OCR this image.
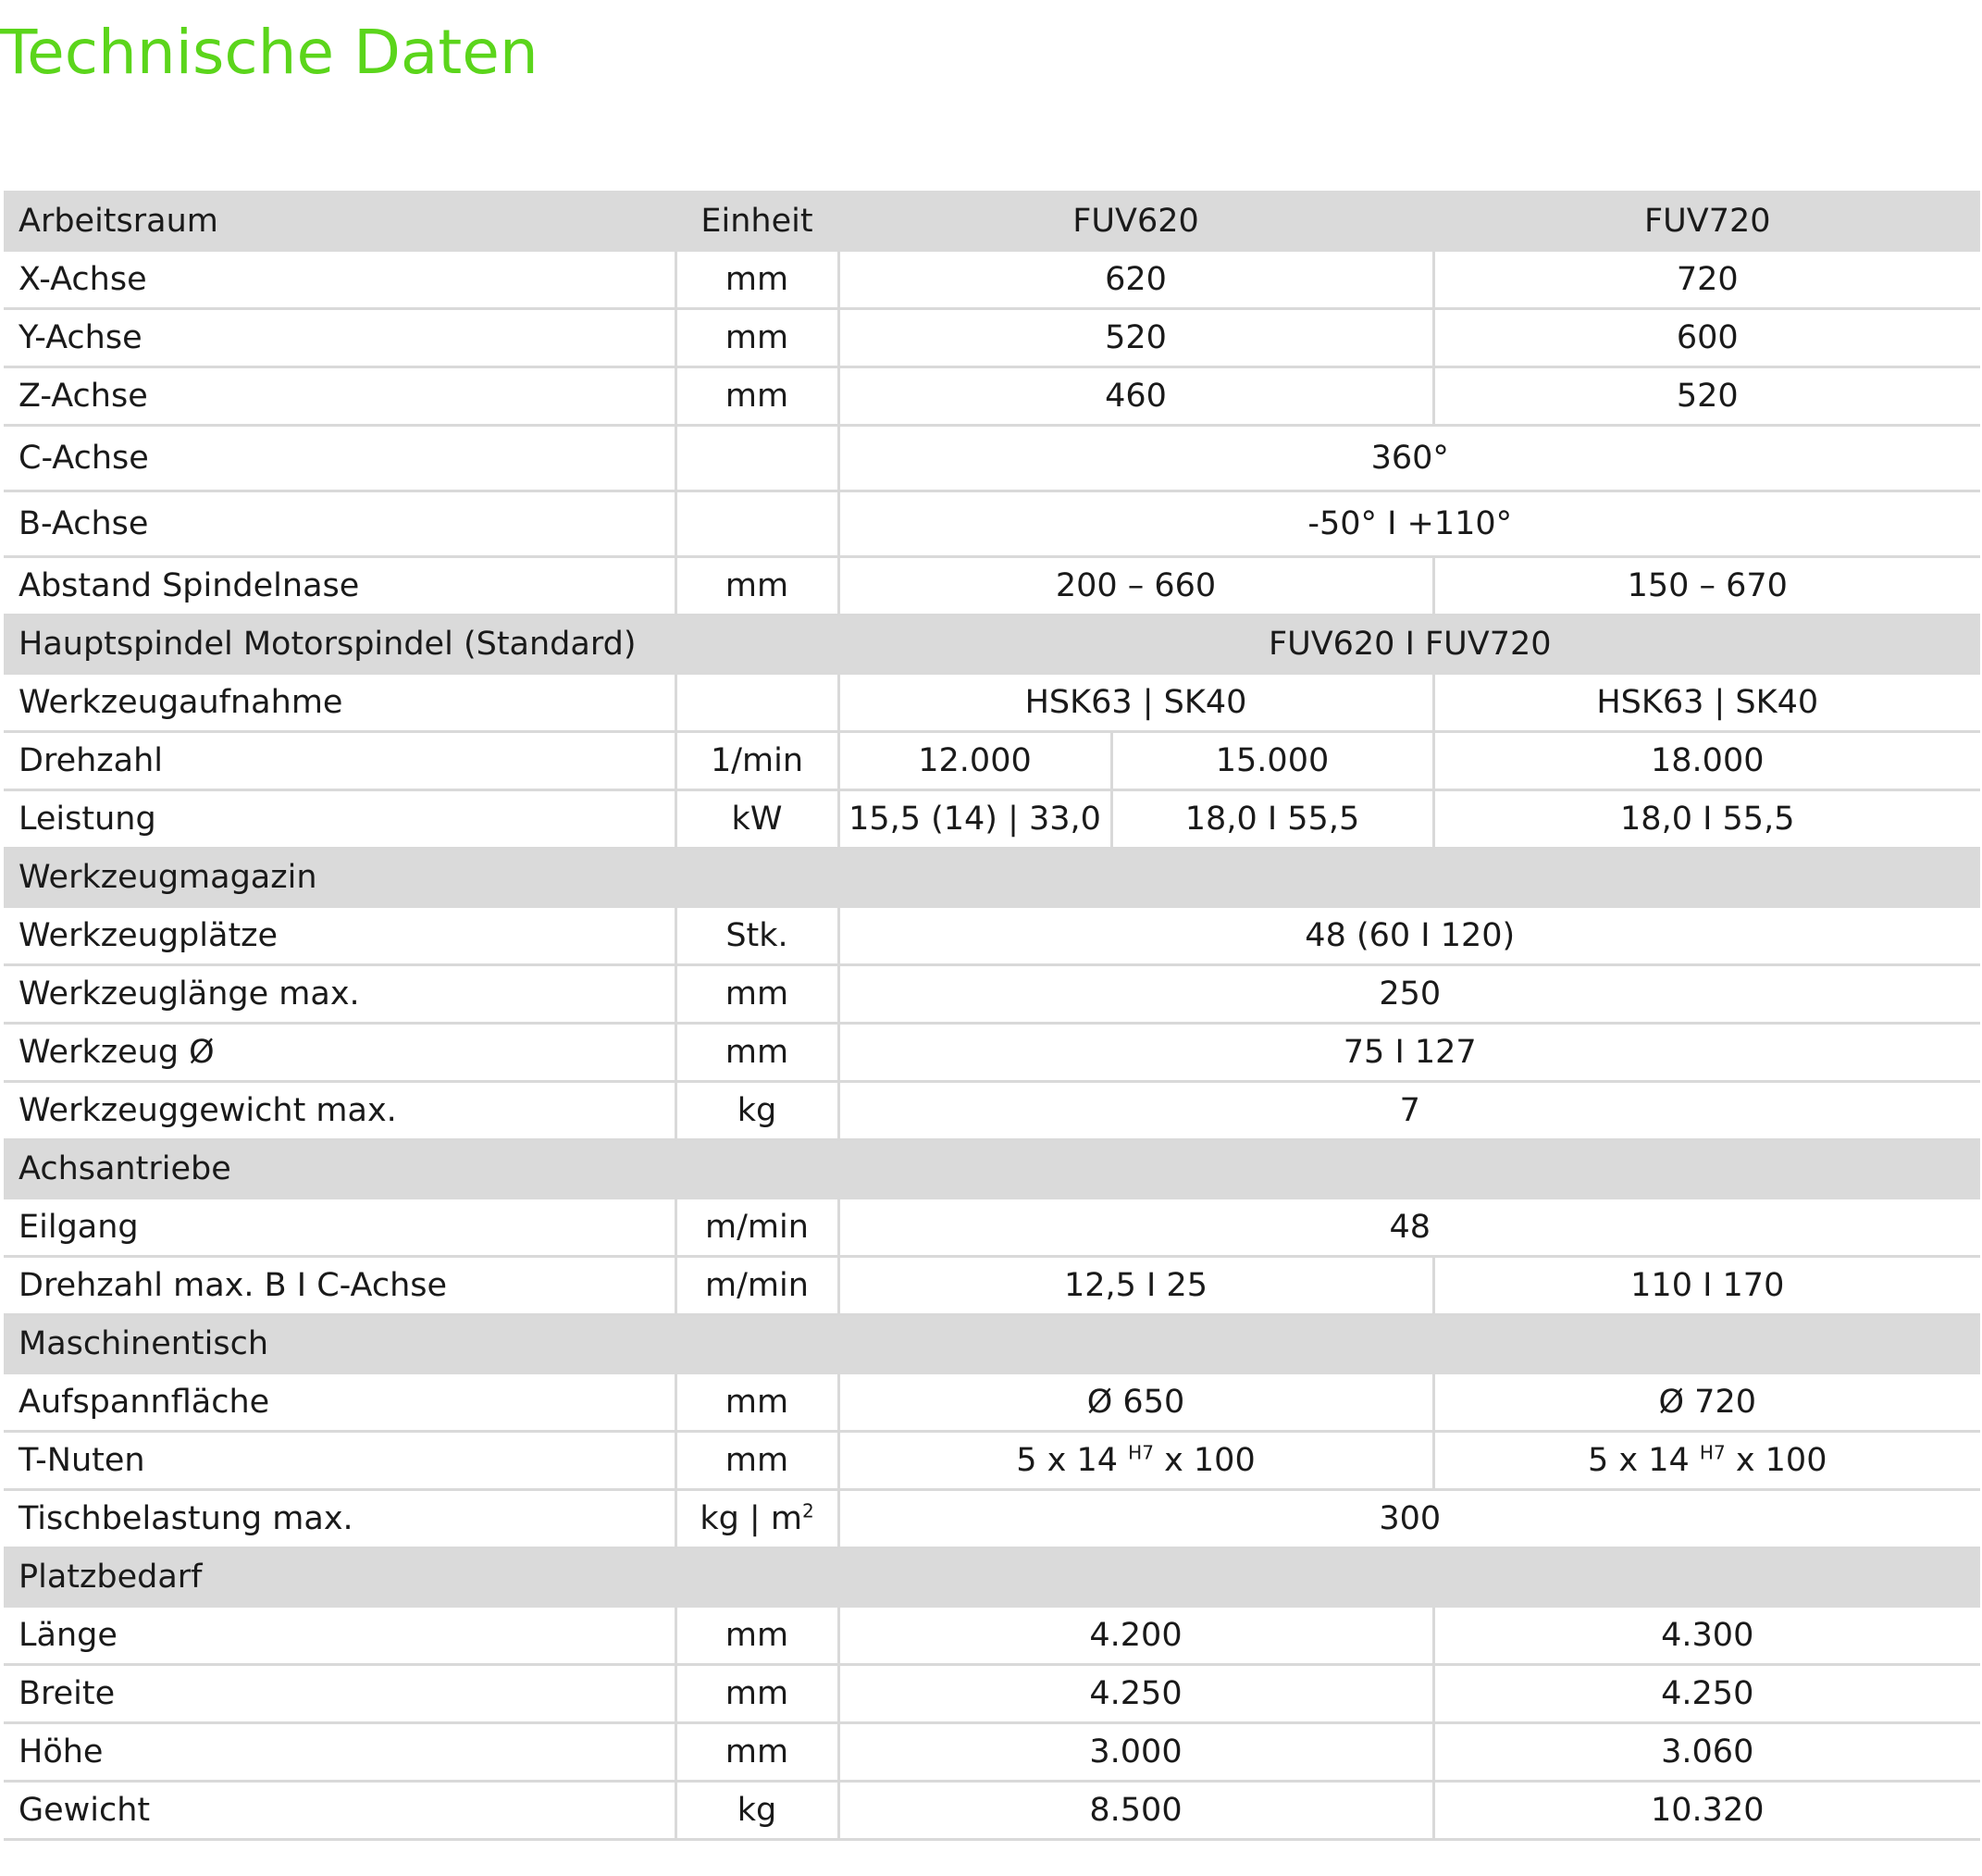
Technische Daten
Arbeitsraum	Einheit	FUV620		FUV720
X-Achse	mm	620		720
Y-Achse	mm	520		600
Z-Achse	mm	460		520
C-Achse		360°		
B-Achse		-50° I +110°		
Abstand Spindelnase	mm	200 – 660		150 – 670
Hauptspindel Motorspindel (Standard)		FUV620 I FUV720		
Werkzeugaufnahme		HSK63 | SK40		HSK63 | SK40
Drehzahl	1/min	12.000	15.000	18.000
Leistung	kW	15,5 (14) | 33,0	18,0 I 55,5	18,0 I 55,5
Werkzeugmagazin				
Werkzeugplätze	Stk.	48 (60 I 120)		
Werkzeuglänge max.	mm	250		
Werkzeug Ø	mm	75 I 127		
Werkzeuggewicht max.	kg	7		
Achsantriebe				
Eilgang	m/min	48		
Drehzahl max. B I C-Achse	m/min	12,5 I 25		110 I 170
Maschinentisch				
Aufspannfläche	mm	Ø 650		Ø 720
T-Nuten	mm	5 x 14 $^{H7}$ x 100		5 x 14 $^{H7}$ x 100
Tischbelastung max.	kg | $m^2$	300		
Platzbedarf				
Länge	mm	4.200		4.300
Breite	mm	4.250		4.250
Höhe	mm	3.000		3.060
Gewicht	kg	8.500		10.320
